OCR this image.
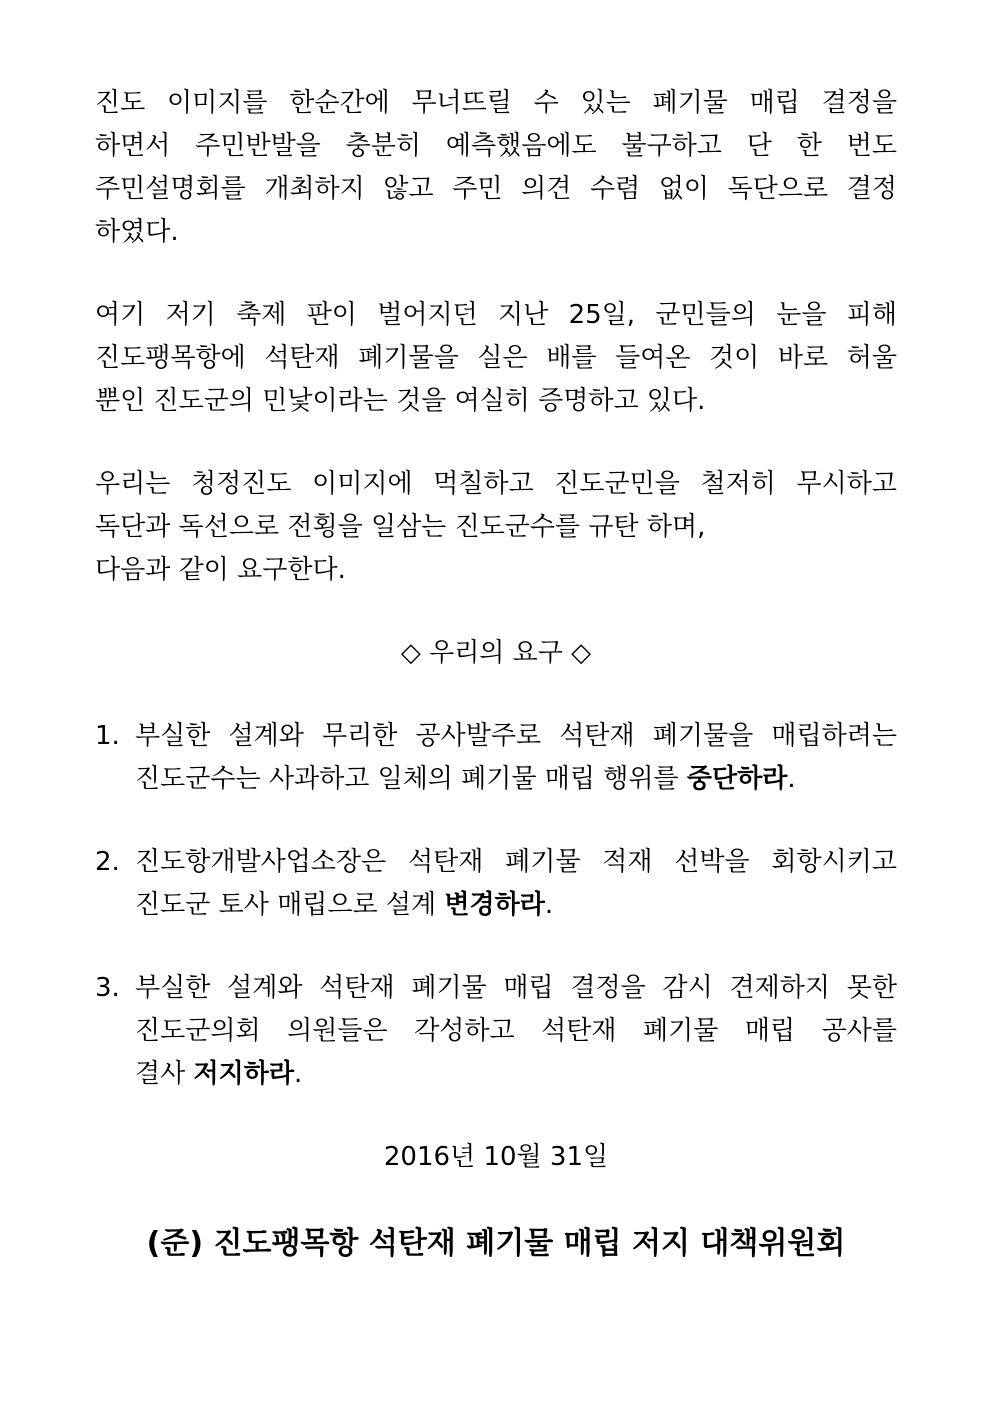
진도 이미지를 한순간에 무너뜨릴 수 있는 폐기물 매립 결정을
하면서 주민반발을 충분히 예측했음에도 불구하고 단 한 번도
주민설명회를 개최하지 않고 주민 의견 수렴 없이 독단으로 결정
하였다.
여기 저기 축제 판이 벌어지던 지난 25일, 군민들의 눈을 피해
진도팽목항에 석탄재 폐기물을 실은 배를 들여온 것이 바로 허울
뿐인 진도군의 민낯이라는 것을 여실히 증명하고 있다.
우리는 청정진도 이미지에 먹칠하고 진도군민을 철저히 무시하고
독단과 독선으로 전횡을 일삼는 진도군수를 규탄 하며,
다음과 같이 요구한다.
◇ 우리의 요구 ◇
1. 부실한 설계와 무리한 공사발주로 석탄재 폐기물을 매립하려는
진도군수는 사과하고 일체의 폐기물 매립 행위를 중단하라.
2. 진도항개발사업소장은 석탄재 폐기물 적재 선박을 회항시키고
진도군 토사 매립으로 설계 변경하라.
3. 부실한 설계와 석탄재 폐기물 매립 결정을 감시 견제하지 못한
진도군의회 의원들은 각성하고 석탄재 폐기물 매립 공사를
결사 저지하라.
2016년 10월 31일
(준) 진도팽목항 석탄재 폐기물 매립 저지 대책위원회
